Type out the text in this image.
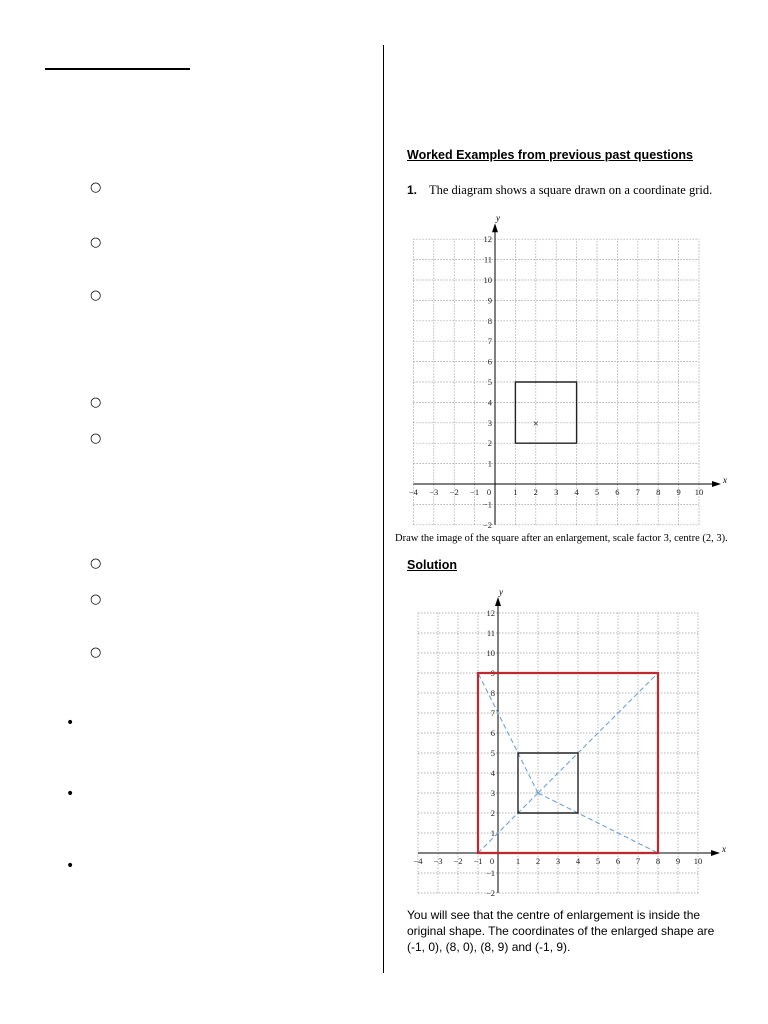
○
○
○
○
○
○
○
○
•
•
•
Worked Examples from previous past questions
1. The diagram shows a square drawn on a coordinate grid.
x
y
−4 −3 −2 −1 0	1 2 3 4 5 6 7 8 9 10
12
11
10
9
8
7
6
5
4
3
2
1
−1
−2
×
Draw the image of the square after an enlargement, scale factor 3, centre (2, 3).
Solution
x
y
−4 −3 −2 −1 0	1 2 3 4 5 6 7 8 9 10
12
11
10
9
8
7
6
5
4
3
2
1
−1
−2
×
You will see that the centre of enlargement is inside the original shape. The coordinates of the enlarged shape are (-1, 0), (8, 0), (8, 9) and (-1, 9).
